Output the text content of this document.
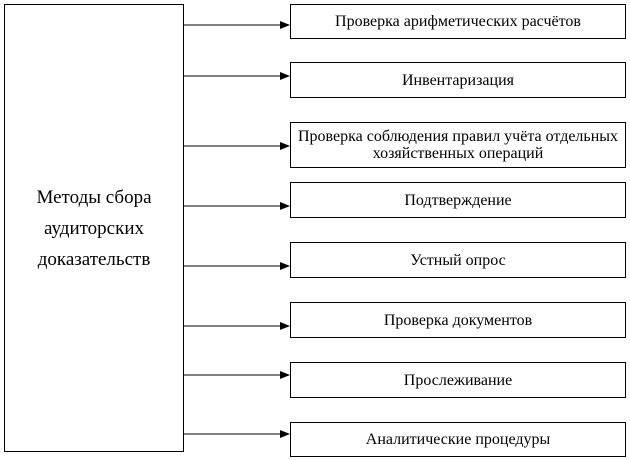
Методы сбора аудиторских доказательств
Проверка арифметических расчётов
Инвентаризация
Проверка соблюдения правил учёта отдельных хозяйственных операций
Подтверждение
Устный опрос
Проверка документов
Прослеживание
Аналитические процедуры
